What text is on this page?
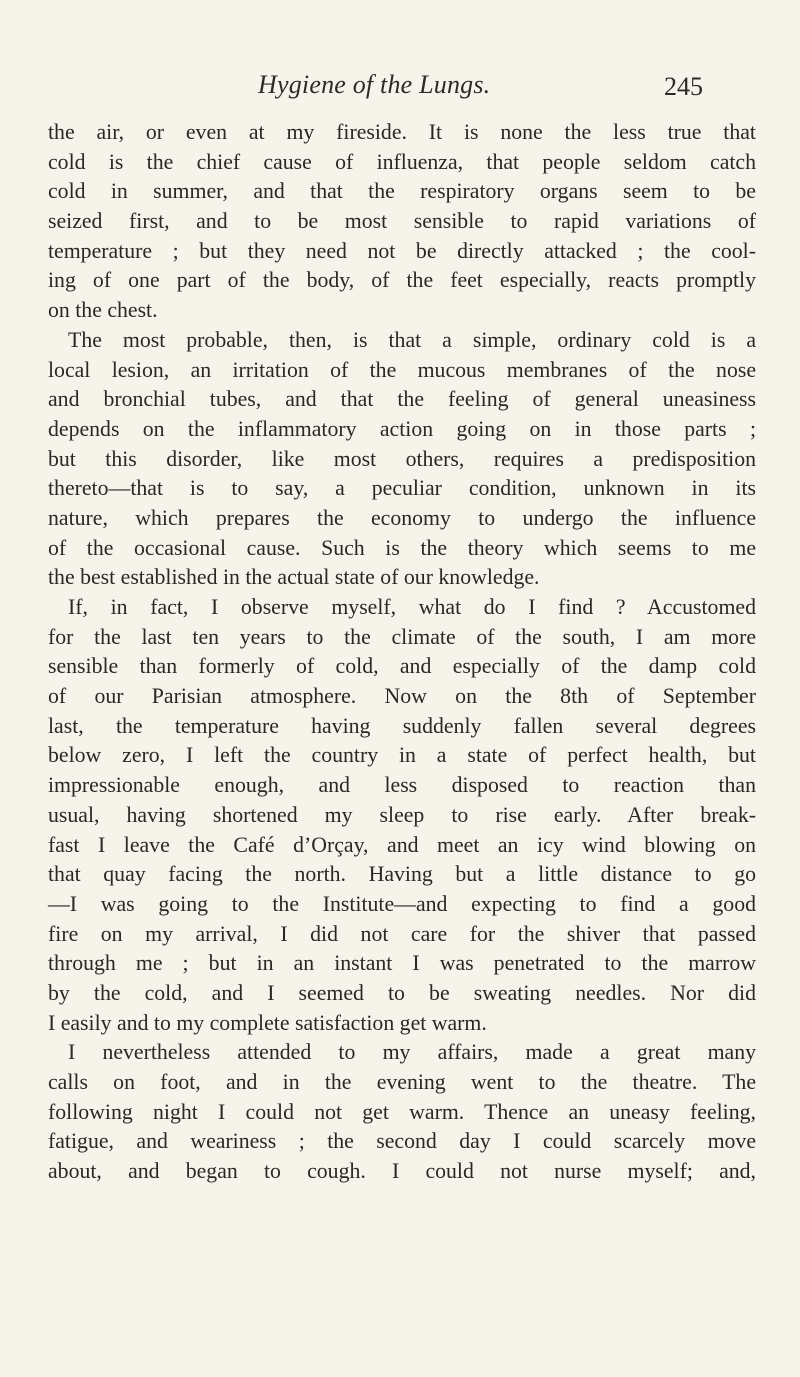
Hygiene of the Lungs.	245
the air, or even at my fireside. It is none the less true that
cold is the chief cause of influenza, that people seldom catch
cold in summer, and that the respiratory organs seem to be
seized first, and to be most sensible to rapid variations of
temperature ; but they need not be directly attacked ; the cool-
ing of one part of the body, of the feet especially, reacts promptly
on the chest.
The most probable, then, is that a simple, ordinary cold is a
local lesion, an irritation of the mucous membranes of the nose
and bronchial tubes, and that the feeling of general uneasiness
depends on the inflammatory action going on in those parts ;
but this disorder, like most others, requires a predisposition
thereto—that is to say, a peculiar condition, unknown in its
nature, which prepares the economy to undergo the influence
of the occasional cause. Such is the theory which seems to me
the best established in the actual state of our knowledge.
If, in fact, I observe myself, what do I find ? Accustomed
for the last ten years to the climate of the south, I am more
sensible than formerly of cold, and especially of the damp cold
of our Parisian atmosphere. Now on the 8th of September
last, the temperature having suddenly fallen several degrees
below zero, I left the country in a state of perfect health, but
impressionable enough, and less disposed to reaction than
usual, having shortened my sleep to rise early. After break-
fast I leave the Café d’Orçay, and meet an icy wind blowing on
that quay facing the north. Having but a little distance to go
—I was going to the Institute—and expecting to find a good
fire on my arrival, I did not care for the shiver that passed
through me ; but in an instant I was penetrated to the marrow
by the cold, and I seemed to be sweating needles. Nor did
I easily and to my complete satisfaction get warm.
I nevertheless attended to my affairs, made a great many
calls on foot, and in the evening went to the theatre. The
following night I could not get warm. Thence an uneasy feeling,
fatigue, and weariness ; the second day I could scarcely move
about, and began to cough. I could not nurse myself; and,
